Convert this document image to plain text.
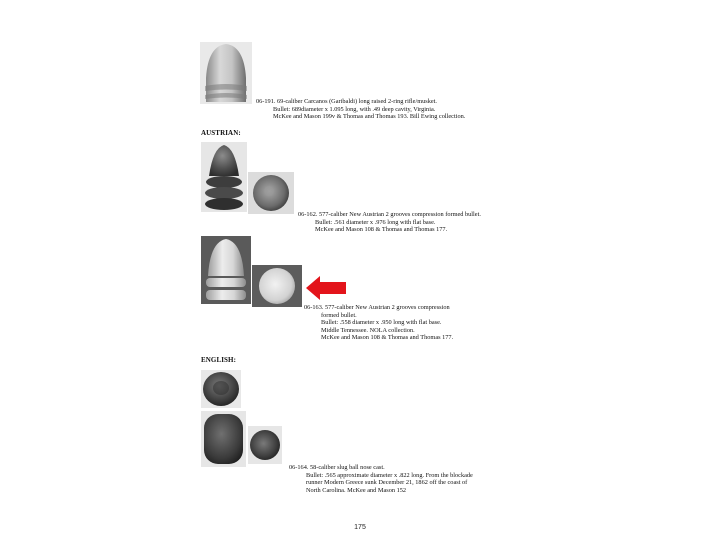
06-191. 69-caliber Carcanos (Garibaldi) long raised 2-ring rifle/musket.
Bullet: 689diameter x 1.095 long, with .49 deep cavity, Virginia.
McKee and Mason 199v & Thomas and Thomas 193. Bill Ewing collection.
AUSTRIAN:
06-162. 577-caliber New Austrian 2 grooves compression formed bullet.
Bullet: .561 diameter x .976 long with flat base.
McKee and Mason 108 & Thomas and Thomas 177.
06-163. 577-caliber New Austrian 2 grooves compression
formed bullet.
Bullet: .558 diameter x .950 long with flat base.
Middle Tennessee. NOLA collection.
McKee and Mason 108 & Thomas and Thomas 177.
ENGLISH:
06-164. 58-caliber slug ball nose cast.
Bullet: .565 approximate diameter x .822 long. From the blockade
runner Modern Greece sunk December 21, 1862 off the coast of
North Carolina. McKee and Mason 152
175
